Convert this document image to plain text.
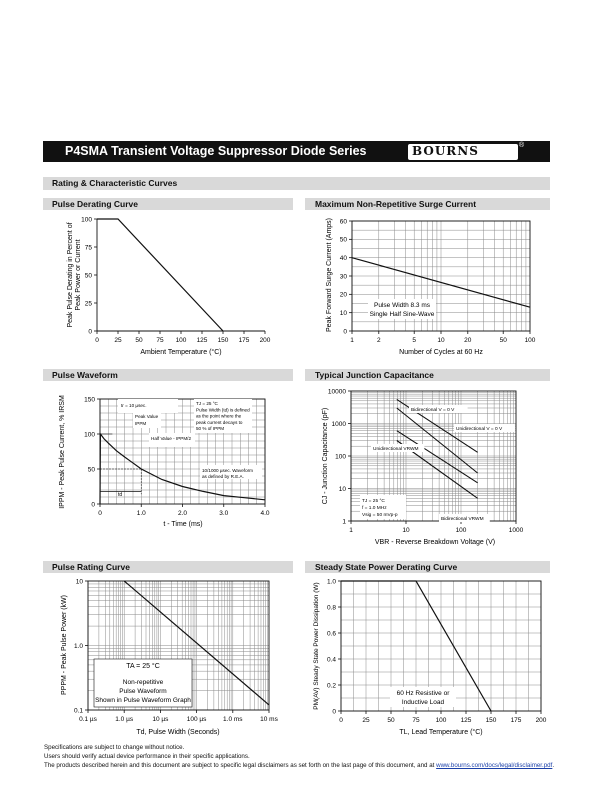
P4SMA Transient Voltage Suppressor Diode Series	BOURNS	®
Rating & Characteristic Curves
Pulse Derating Curve	Maximum Non-Repetitive Surge Current
Pulse Waveform	Typical Junction Capacitance
Pulse Rating Curve	Steady State Power Derating Curve
0 25 50 75 100 125 150 175 200
0
25
50
75
100
Ambient Temperature (°C)
Peak Pulse Derating in Percent ofPeak Power or Current
1	2	5	10	20	50	100
0
10
20
30
40
50
60
Pulse Width 8.3 ms
Single Half Sine-Wave
Number of Cycles at 60 Hz
Peak Forward Surge Current (Amps)
0	1.0	2.0	3.0	4.0
0
50
100
150
tr = 10 µsec.
Peak Value
IPPM
Half Value - IPPM/2
TJ = 25 °C
Pulse Width (td) is defined
as the point where the
peak current decays to
50 % of IPPM
10/1000 µsec. Waveform
as defined by R.E.A.
td
t - Time (ms)
IPPM - Peak Pulse Current, % IRSM
1	10	100	1000
1
10
100
1000
10000
Bidirectional V = 0 V
Unidirectional V = 0 V
Unidirectional VRWM
Bidirectional VRWM
TJ = 25 °C
f = 1.0 MHz
Vsig = 50 mVp-p
VBR - Reverse Breakdown Voltage (V)
CJ - Junction Capacitance (pF)
0.1 µs	1.0 µs	10 µs	100 µs	1.0 ms	10 ms
0.1
1.0
10
TA = 25 °C
Non-repetitive
Pulse Waveform
Shown in Pulse Waveform Graph
Td, Pulse Width (Seconds)
PPPM - Peak Pulse Power (kW)
0	25	50	75 100 125 150 175 200
0
0.2
0.4
0.6
0.8
1.0
60 Hz Resistive or
Inductive Load
TL, Lead Temperature (°C)
PM(AV) Steady State Power Dissipation (W)
Specifications are subject to change without notice.
Users should verify actual device performance in their specific applications.
The products described herein and this document are subject to specific legal disclaimers as set forth on the last page of this document, and at www.bourns.com/docs/legal/disclaimer.pdf.
